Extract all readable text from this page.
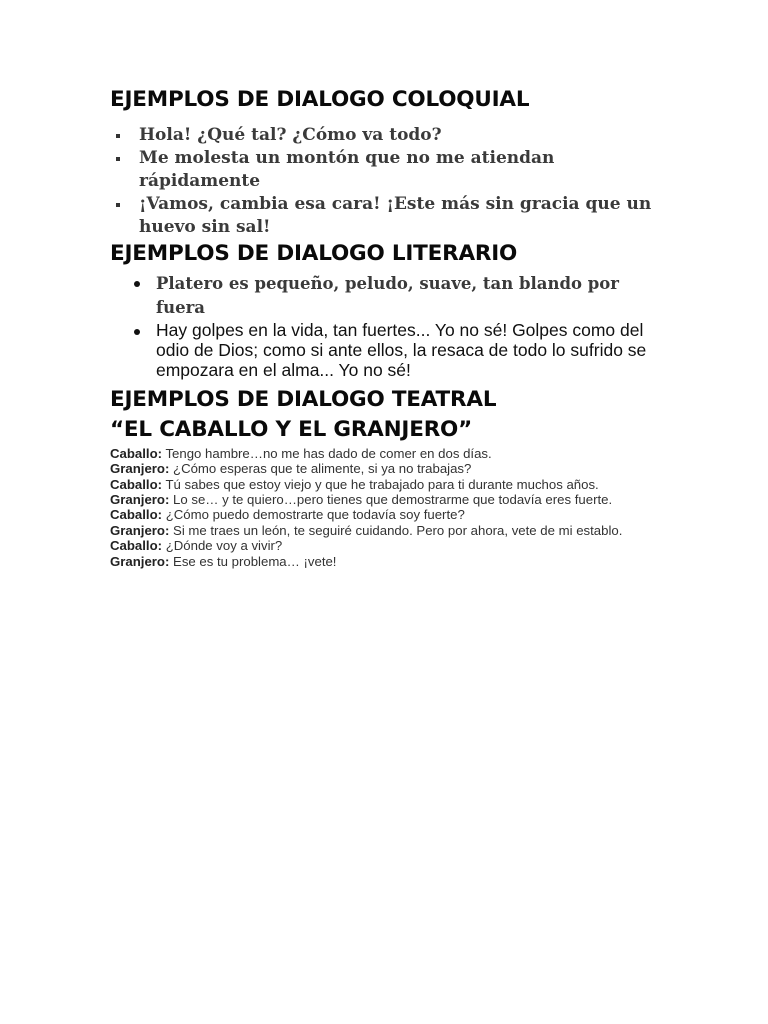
EJEMPLOS DE DIALOGO COLOQUIAL
Hola! ¿Qué tal? ¿Cómo va todo?
Me molesta un montón que no me atiendan rápidamente
¡Vamos, cambia esa cara! ¡Este más sin gracia que un huevo sin sal!
EJEMPLOS DE DIALOGO LITERARIO
Platero es pequeño, peludo, suave, tan blando por fuera
Hay golpes en la vida, tan fuertes... Yo no sé! Golpes como del odio de Dios; como si ante ellos, la resaca de todo lo sufrido se empozara en el alma... Yo no sé!
EJEMPLOS DE DIALOGO TEATRAL
“EL CABALLO Y EL GRANJERO”

Caballo: Tengo hambre…no me has dado de comer en dos días.

Granjero: ¿Cómo esperas que te alimente, si ya no trabajas?

Caballo: Tú sabes que estoy viejo y que he trabajado para ti durante muchos años.

Granjero: Lo se… y te quiero…pero tienes que demostrarme que todavía eres fuerte.

Caballo: ¿Cómo puedo demostrarte que todavía soy fuerte?

Granjero: Si me traes un león, te seguiré cuidando. Pero por ahora, vete de mi establo.

Caballo: ¿Dónde voy a vivir?

Granjero: Ese es tu problema… ¡vete!
